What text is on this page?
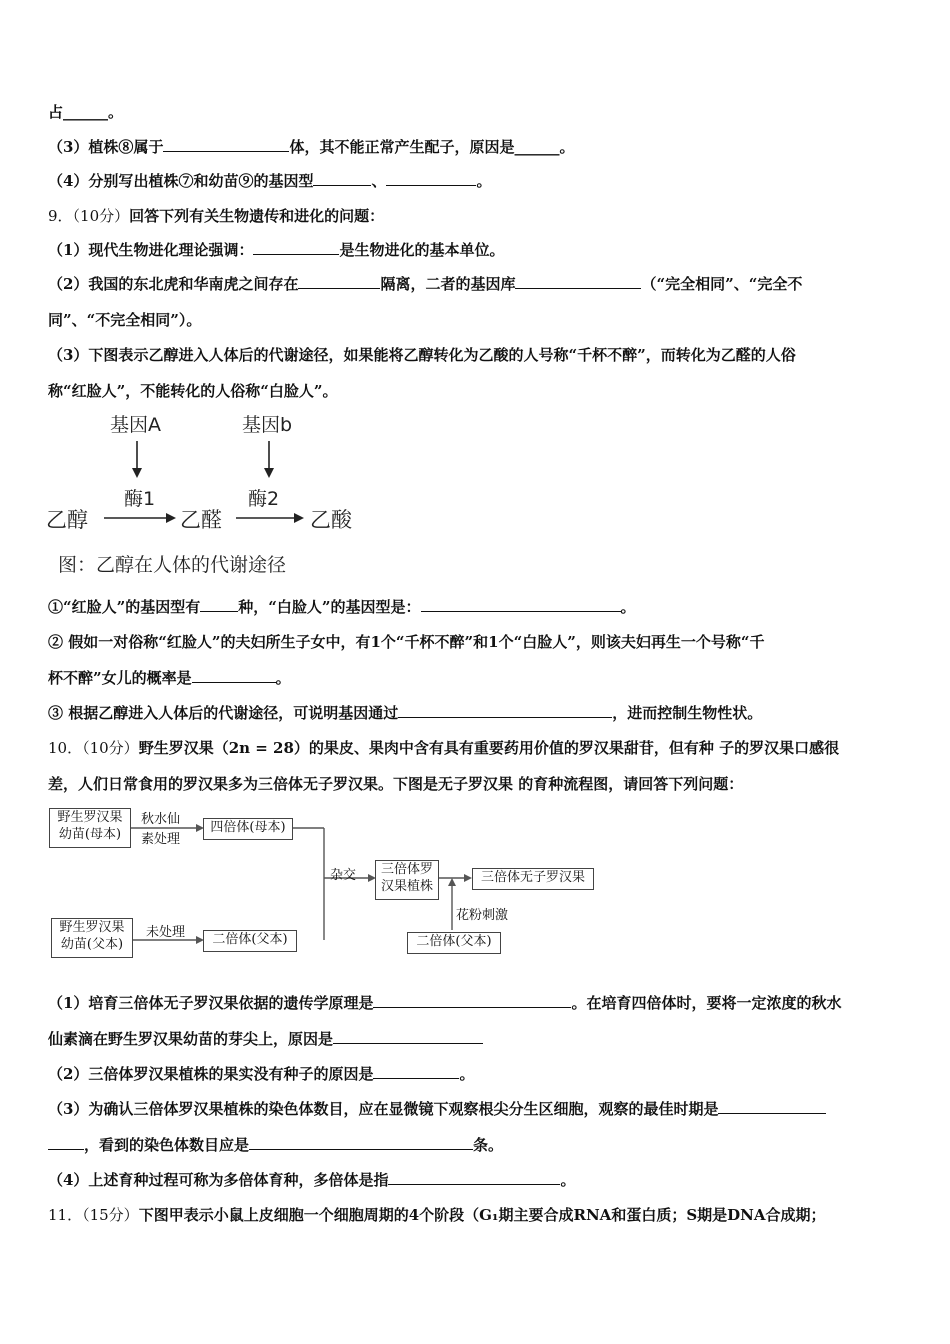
占______。
（3）植株⑧属于	体，其不能正常产生配子，原因是______。
（4）分别写出植株⑦和幼苗⑨的基因型	、	。
9．（10分）回答下列有关生物遗传和进化的问题：
（1）现代生物进化理论强调：	是生物进化的基本单位。
（2）我国的东北虎和华南虎之间存在	隔离，二者的基因库	（“完全相同”、“完全不
同”、“不完全相同”）。
（3）下图表示乙醇进入人体后的代谢途径，如果能将乙醇转化为乙酸的人号称“千杯不醉”，而转化为乙醛的人俗
称“红脸人”，不能转化的人俗称“白脸人”。
基因A	基因b
酶1	酶2
乙醇	乙醛	乙酸
图：乙醇在人体的代谢途径
①“红脸人”的基因型有	种，“白脸人”的基因型是：	。
② 假如一对俗称“红脸人”的夫妇所生子女中，有1个“千杯不醉”和1个“白脸人”，则该夫妇再生一个号称“千
杯不醉”女儿的概率是	。
③ 根据乙醇进入人体后的代谢途径，可说明基因通过	，进而控制生物性状。
10．（10分）野生罗汉果（2n = 28）的果皮、果肉中含有具有重要药用价值的罗汉果甜苷，但有种 子的罗汉果口感很
差，人们日常食用的罗汉果多为三倍体无子罗汉果。下图是无子罗汉果 的育种流程图，请回答下列问题：
野生罗汉果
幼苗(母本)
秋水仙
素处理
四倍体(母本)
野生罗汉果
幼苗(父本)
未处理	二倍体(父本)
杂交	三倍体罗
汉果植株
三倍体无子罗汉果
花粉刺激
二倍体(父本)
（1）培育三倍体无子罗汉果依据的遗传学原理是	。在培育四倍体时，要将一定浓度的秋水
仙素滴在野生罗汉果幼苗的芽尖上，原因是
（2）三倍体罗汉果植株的果实没有种子的原因是	。
（3）为确认三倍体罗汉果植株的染色体数目，应在显微镜下观察根尖分生区细胞，观察的最佳时期是
，看到的染色体数目应是	条。
（4）上述育种过程可称为多倍体育种，多倍体是指	。
11．（15分）下图甲表示小鼠上皮细胞一个细胞周期的4个阶段（G₁期主要合成RNA和蛋白质；S期是DNA合成期；
